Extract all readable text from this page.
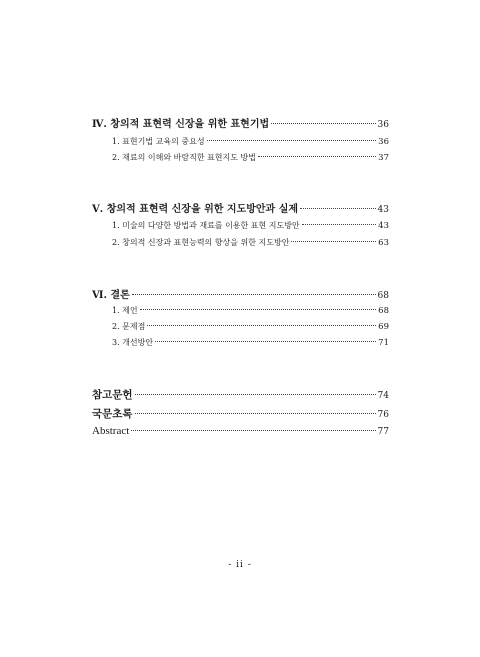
Ⅳ. 창의적 표현력 신장을 위한 표현기법	36
1. 표현기법 교육의 중요성	36
2. 재료의 이해와 바람직한 표현지도 방법	37
Ⅴ. 창의적 표현력 신장을 위한 지도방안과 실제	43
1. 미술의 다양한 방법과 재료를 이용한 표현 지도방안	43
2. 창의적 신장과 표현능력의 향상을 위한 지도방안	63
Ⅵ. 결론	68
1. 제언	68
2. 문제점	69
3. 개선방안	71
참고문헌	74
국문초록	76
Abstract	77
- ii -
